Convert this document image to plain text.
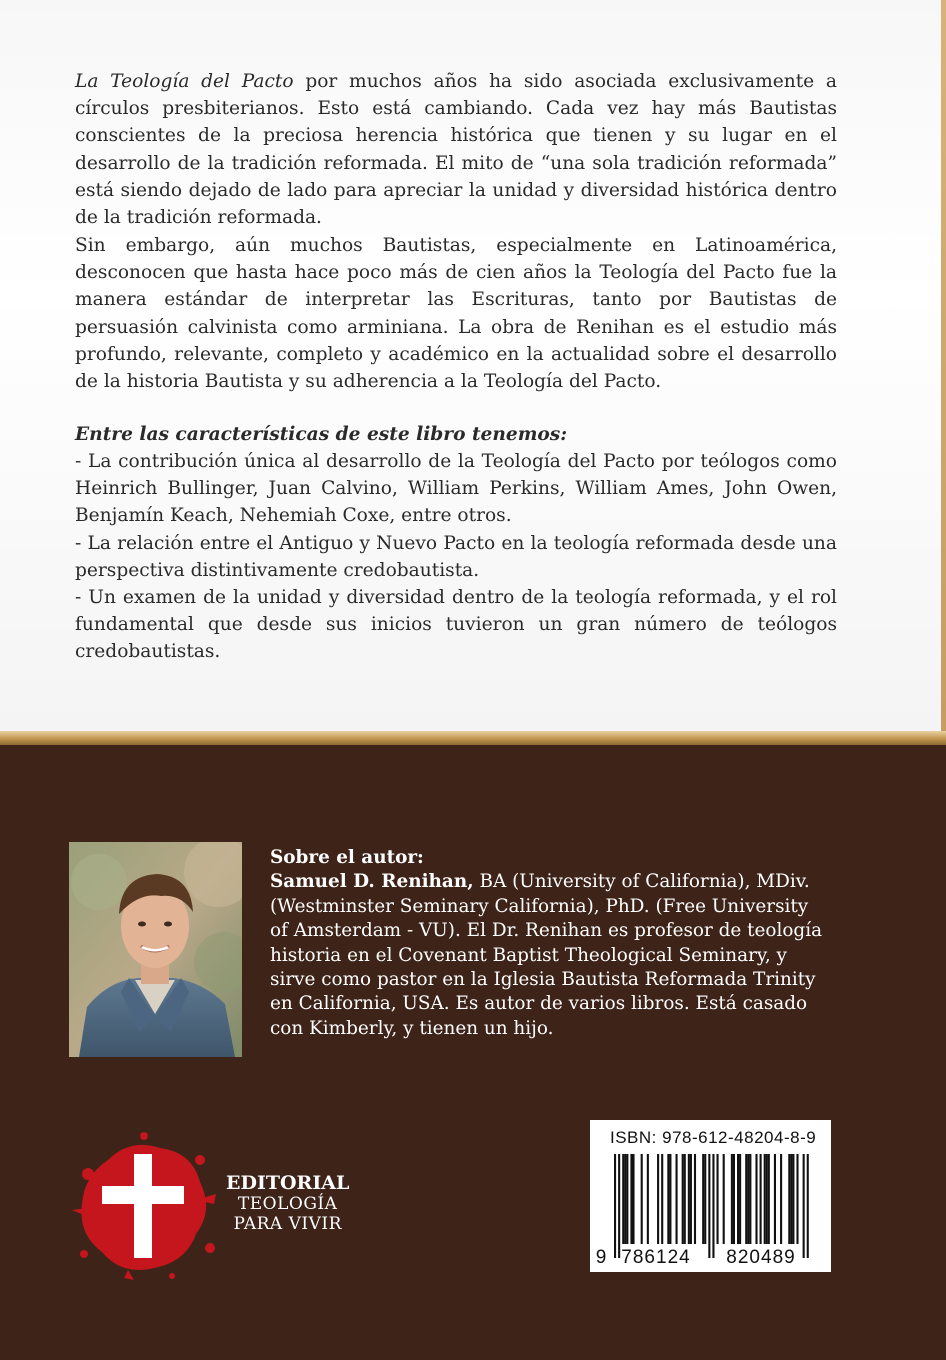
La Teología del Pacto por muchos años ha sido asociada exclusivamente a círculos presbiterianos. Esto está cambiando. Cada vez hay más Bautistas conscientes de la preciosa herencia histórica que tienen y su lugar en el desarrollo de la tradición reformada. El mito de “una sola tradición reformada” está siendo dejado de lado para apreciar la unidad y diversidad histórica dentro de la tradición reformada.

Sin embargo, aún muchos Bautistas, especialmente en Latinoamérica, desconocen que hasta hace poco más de cien años la Teología del Pacto fue la manera estándar de interpretar las Escrituras, tanto por Bautistas de persuasión calvinista como arminiana. La obra de Renihan es el estudio más profundo, relevante, completo y académico en la actualidad sobre el desarrollo de la historia Bautista y su adherencia a la Teología del Pacto.

Entre las características de este libro tenemos:

- La contribución única al desarrollo de la Teología del Pacto por teólogos como Heinrich Bullinger, Juan Calvino, William Perkins, William Ames, John Owen, Benjamín Keach, Nehemiah Coxe, entre otros.
- La relación entre el Antiguo y Nuevo Pacto en la teología reformada desde una perspectiva distintivamente credobautista.
- Un examen de la unidad y diversidad dentro de la teología reformada, y el rol fundamental que desde sus inicios tuvieron un gran número de teólogos credobautistas.
Sobre el autor:
Samuel D. Renihan, BA (University of California), MDiv.
(Westminster Seminary California), PhD. (Free University
of Amsterdam - VU). El Dr. Renihan es profesor de teología
historia en el Covenant Baptist Theological Seminary, y
sirve como pastor en la Iglesia Bautista Reformada Trinity
en California, USA. Es autor de varios libros. Está casado
con Kimberly, y tienen un hijo.
EDITORIAL
TEOLOGÍA
PARA VIVIR
ISBN: 978-612-48204-8-9
9 786124 820489
